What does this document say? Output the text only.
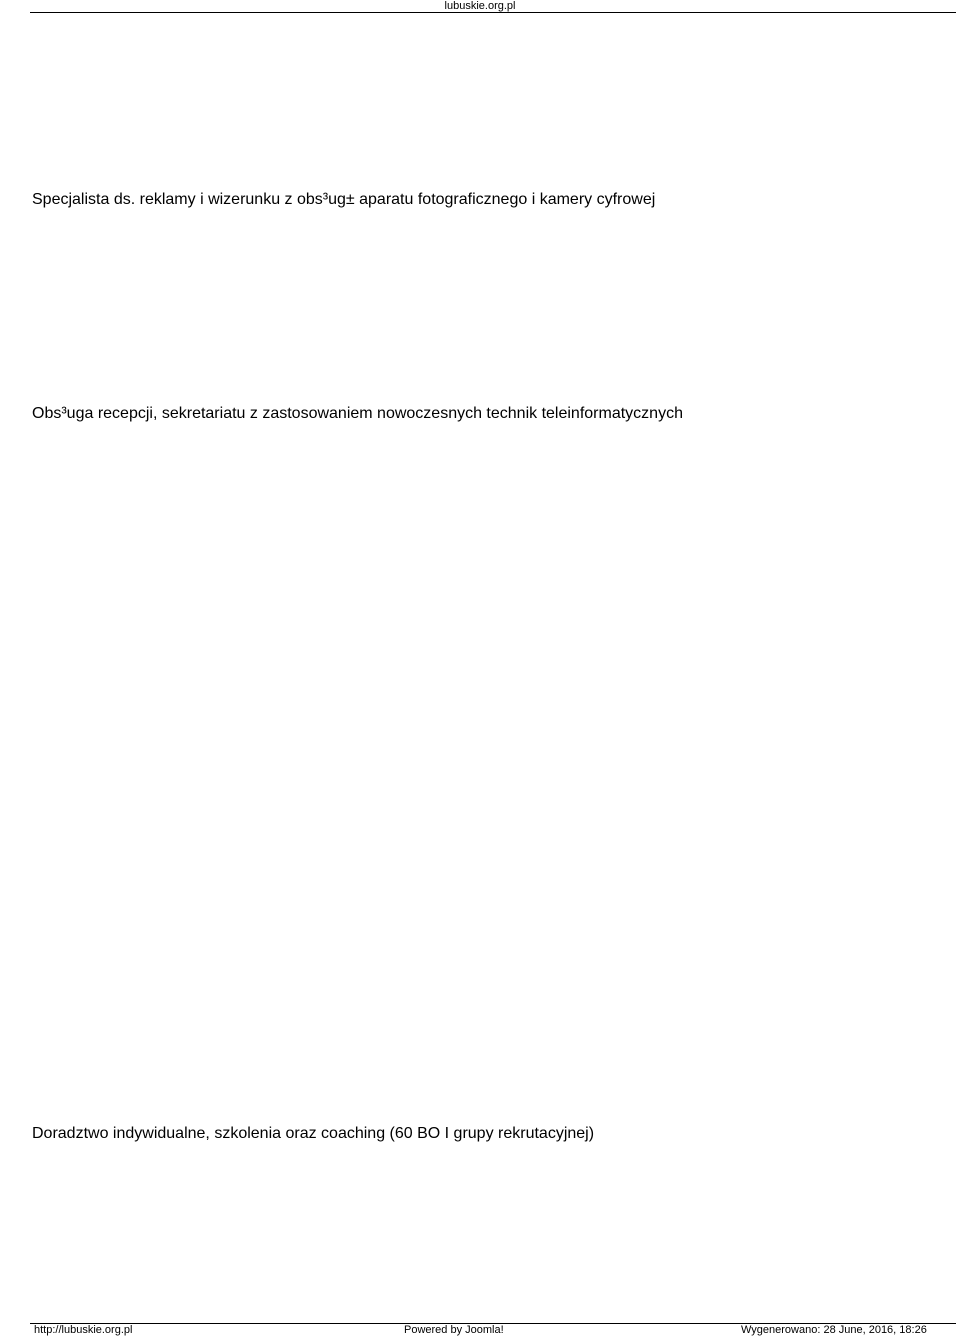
lubuskie.org.pl
Specjalista ds. reklamy i wizerunku z obs³ug± aparatu fotograficznego i kamery cyfrowej
Obs³uga recepcji, sekretariatu z zastosowaniem nowoczesnych technik teleinformatycznych
Doradztwo indywidualne, szkolenia oraz coaching (60 BO I grupy rekrutacyjnej)
http://lubuskie.org.pl	Powered by Joomla!	Wygenerowano: 28 June, 2016, 18:26
